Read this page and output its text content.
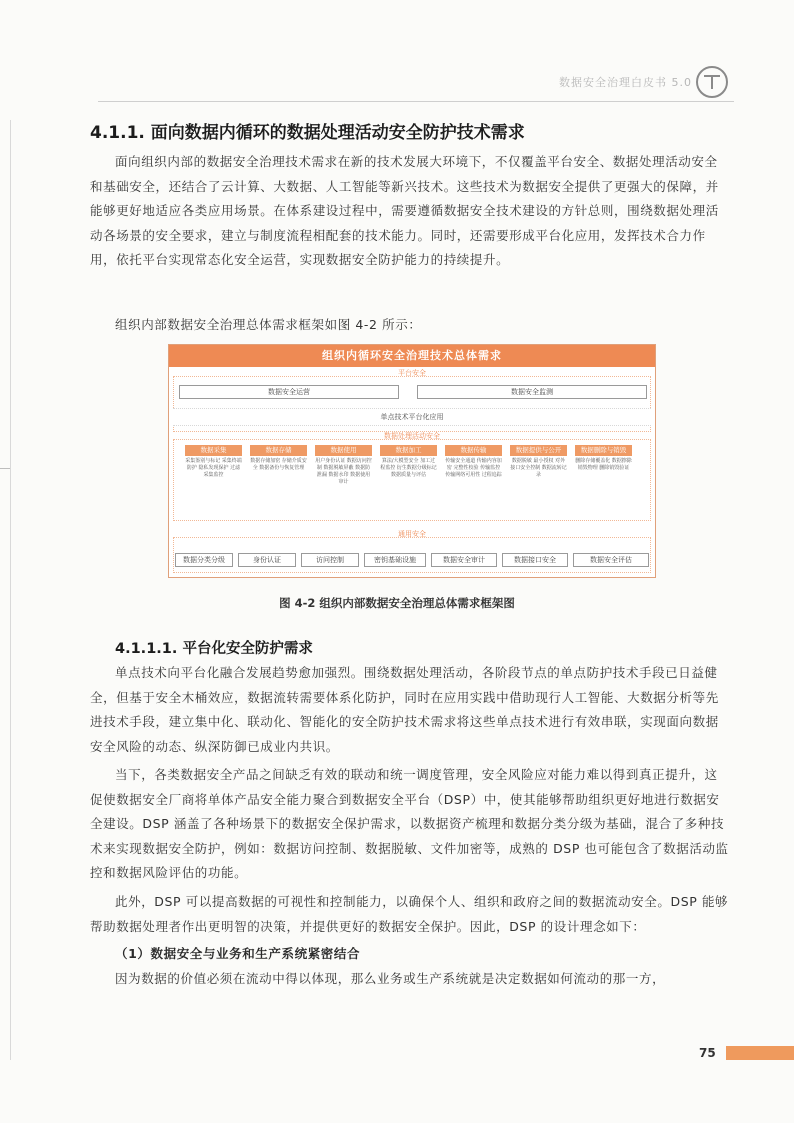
数据安全治理白皮书 5.0
4.1.1. 面向数据内循环的数据处理活动安全防护技术需求

面向组织内部的数据安全治理技术需求在新的技术发展大环境下，不仅覆盖平台安全、数据处理活动安全和基础安全，还结合了云计算、大数据、人工智能等新兴技术。这些技术为数据安全提供了更强大的保障，并能够更好地适应各类应用场景。在体系建设过程中，需要遵循数据安全技术建设的方针总则，围绕数据处理活动各场景的安全要求，建立与制度流程相配套的技术能力。同时，还需要形成平台化应用，发挥技术合力作用，依托平台实现常态化安全运营，实现数据安全防护能力的持续提升。

组织内部数据安全治理总体需求框架如图 4-2 所示：

组织内循环安全治理技术总体需求
平台安全
数据安全运营	数据安全监测
单点技术平台化应用
数据处理活动安全
数据采集
采集鉴别与标记 采集终端防护 隐私发现保护 过滤采集监控
数据存储
数据存储加密 存储介质安全 数据备份与恢复管理
数据使用
用户身份认证 数据访问控制 数据脱敏屏蔽 数据防泄漏 数据水印 数据使用审计
数据加工
算法/大模型安全 加工过程监控 衍生数据分级标记 数据质量与评估
数据传输
传输安全通道 传输内容加密 完整性校验 传输监控 传输网络可用性 过程追踪
数据提供与公开
数据脱敏 最小授权 对外接口安全控制 数据流转记录
数据删除与销毁
删除存储覆盖化 数据擦除 销毁物理 删除销毁验证
通用安全
数据分类分级	身份认证	访问控制	密钥基础设施	数据安全审计	数据接口安全	数据安全评估
图 4-2 组织内部数据安全治理总体需求框架图
4.1.1.1. 平台化安全防护需求

单点技术向平台化融合发展趋势愈加强烈。围绕数据处理活动，各阶段节点的单点防护技术手段已日益健全，但基于安全木桶效应，数据流转需要体系化防护，同时在应用实践中借助现行人工智能、大数据分析等先进技术手段，建立集中化、联动化、智能化的安全防护技术需求将这些单点技术进行有效串联，实现面向数据安全风险的动态、纵深防御已成业内共识。

当下，各类数据安全产品之间缺乏有效的联动和统一调度管理，安全风险应对能力难以得到真正提升，这促使数据安全厂商将单体产品安全能力聚合到数据安全平台（DSP）中，使其能够帮助组织更好地进行数据安全建设。DSP 涵盖了各种场景下的数据安全保护需求，以数据资产梳理和数据分类分级为基础，混合了多种技术来实现数据安全防护，例如：数据访问控制、数据脱敏、文件加密等，成熟的 DSP 也可能包含了数据活动监控和数据风险评估的功能。

此外，DSP 可以提高数据的可视性和控制能力，以确保个人、组织和政府之间的数据流动安全。DSP 能够帮助数据处理者作出更明智的决策，并提供更好的数据安全保护。因此，DSP 的设计理念如下：

（1）数据安全与业务和生产系统紧密结合

因为数据的价值必须在流动中得以体现，那么业务或生产系统就是决定数据如何流动的那一方，

75
